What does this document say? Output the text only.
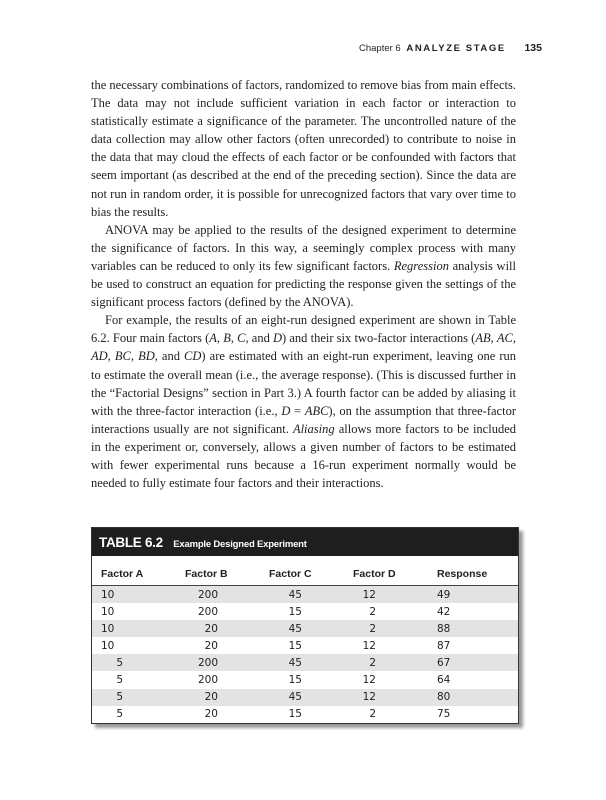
Chapter 6 ANALYZE STAGE 135

the necessary combinations of factors, randomized to remove bias from main effects. The data may not include sufficient variation in each factor or interaction to statistically estimate a significance of the parameter. The uncontrolled nature of the data collection may allow other factors (often unrecorded) to contribute to noise in the data that may cloud the effects of each factor or be confounded with factors that seem important (as described at the end of the preceding section). Since the data are not run in random order, it is possible for unrecognized factors that vary over time to bias the results.

ANOVA may be applied to the results of the designed experiment to determine the significance of factors. In this way, a seemingly complex process with many variables can be reduced to only its few significant factors. Regression analysis will be used to construct an equation for predicting the response given the settings of the significant process factors (defined by the ANOVA).

For example, the results of an eight-run designed experiment are shown in Table 6.2. Four main factors (A, B, C, and D) and their six two-factor interactions (AB, AC, AD, BC, BD, and CD) are estimated with an eight-run experiment, leaving one run to estimate the overall mean (i.e., the average response). (This is discussed further in the “Factorial Designs” section in Part 3.) A fourth factor can be added by aliasing it with the three-factor interaction (i.e., D = ABC), on the assumption that three-factor interactions usually are not significant. Aliasing allows more factors to be included in the experiment or, conversely, allows a given number of factors to be estimated with fewer experimental runs because a 16-run experiment normally would be needed to fully estimate four factors and their interactions.

TABLE 6.2 Example Designed Experiment
Factor A	Factor B	Factor C	Factor D	Response
10	200	45	12	49
10	200	15	2	42
10	20	45	2	88
10	20	15	12	87
5	200	45	2	67
5	200	15	12	64
5	20	45	12	80
5	20	15	2	75
